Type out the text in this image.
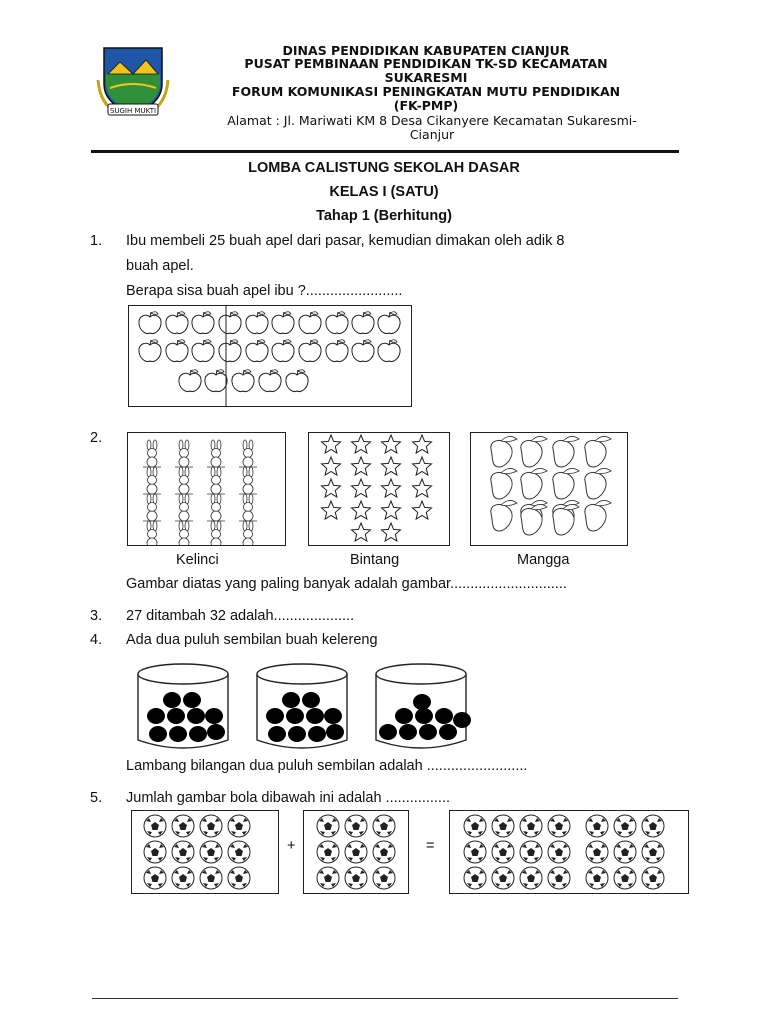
SUGIH MUKTI
DINAS PENDIDIKAN KABUPATEN CIANJUR
PUSAT PEMBINAAN PENDIDIKAN TK-SD KECAMATAN
SUKARESMI
FORUM KOMUNIKASI PENINGKATAN MUTU PENDIDIKAN
(FK-PMP)
Alamat : Jl. Mariwati KM 8 Desa Cikanyere Kecamatan Sukaresmi-
Cianjur
LOMBA CALISTUNG SEKOLAH DASAR
KELAS I (SATU)
Tahap 1 (Berhitung)
1. Ibu membeli 25 buah apel dari pasar, kemudian dimakan oleh adik 8
buah apel.
Berapa sisa buah apel ibu ?........................
2.
Kelinci	Bintang	Mangga
Gambar diatas yang paling banyak adalah gambar.............................
3. 27 ditambah 32 adalah....................
4. Ada dua puluh sembilan buah kelereng
Lambang bilangan dua puluh sembilan adalah .........................
5. Jumlah gambar bola dibawah ini adalah ................
+	=
